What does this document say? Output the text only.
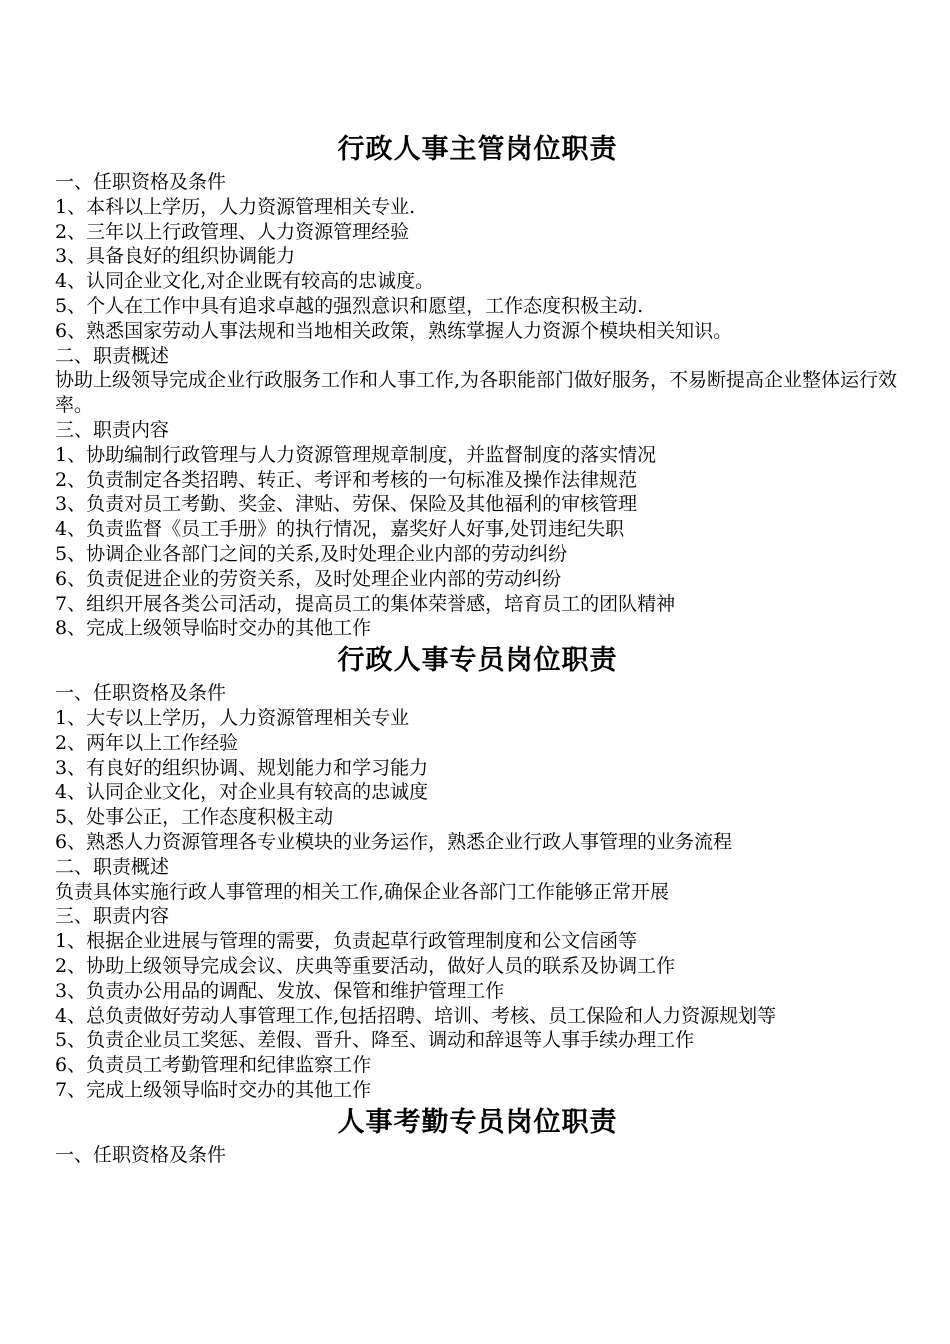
行政人事主管岗位职责

一、任职资格及条件

1、本科以上学历，人力资源管理相关专业.

2、三年以上行政管理、人力资源管理经验

3、具备良好的组织协调能力

4、认同企业文化,对企业既有较高的忠诚度。

5、个人在工作中具有追求卓越的强烈意识和愿望，工作态度积极主动.

6、熟悉国家劳动人事法规和当地相关政策，熟练掌握人力资源个模块相关知识。

二、职责概述

协助上级领导完成企业行政服务工作和人事工作,为各职能部门做好服务，不易断提高企业整体运行效率。

三、职责内容

1、协助编制行政管理与人力资源管理规章制度，并监督制度的落实情况

2、负责制定各类招聘、转正、考评和考核的一句标准及操作法律规范

3、负责对员工考勤、奖金、津贴、劳保、保险及其他福利的审核管理

4、负责监督《员工手册》的执行情况，嘉奖好人好事,处罚违纪失职

5、协调企业各部门之间的关系,及时处理企业内部的劳动纠纷

6、负责促进企业的劳资关系，及时处理企业内部的劳动纠纷

7、组织开展各类公司活动，提高员工的集体荣誉感，培育员工的团队精神

8、完成上级领导临时交办的其他工作

行政人事专员岗位职责

一、任职资格及条件

1、大专以上学历，人力资源管理相关专业

2、两年以上工作经验

3、有良好的组织协调、规划能力和学习能力

4、认同企业文化，对企业具有较高的忠诚度

5、处事公正，工作态度积极主动

6、熟悉人力资源管理各专业模块的业务运作，熟悉企业行政人事管理的业务流程

二、职责概述

负责具体实施行政人事管理的相关工作,确保企业各部门工作能够正常开展

三、职责内容

1、根据企业进展与管理的需要，负责起草行政管理制度和公文信函等

2、协助上级领导完成会议、庆典等重要活动，做好人员的联系及协调工作

3、负责办公用品的调配、发放、保管和维护管理工作

4、总负责做好劳动人事管理工作,包括招聘、培训、考核、员工保险和人力资源规划等

5、负责企业员工奖惩、差假、晋升、降至、调动和辞退等人事手续办理工作

6、负责员工考勤管理和纪律监察工作

7、完成上级领导临时交办的其他工作

人事考勤专员岗位职责

一、任职资格及条件
